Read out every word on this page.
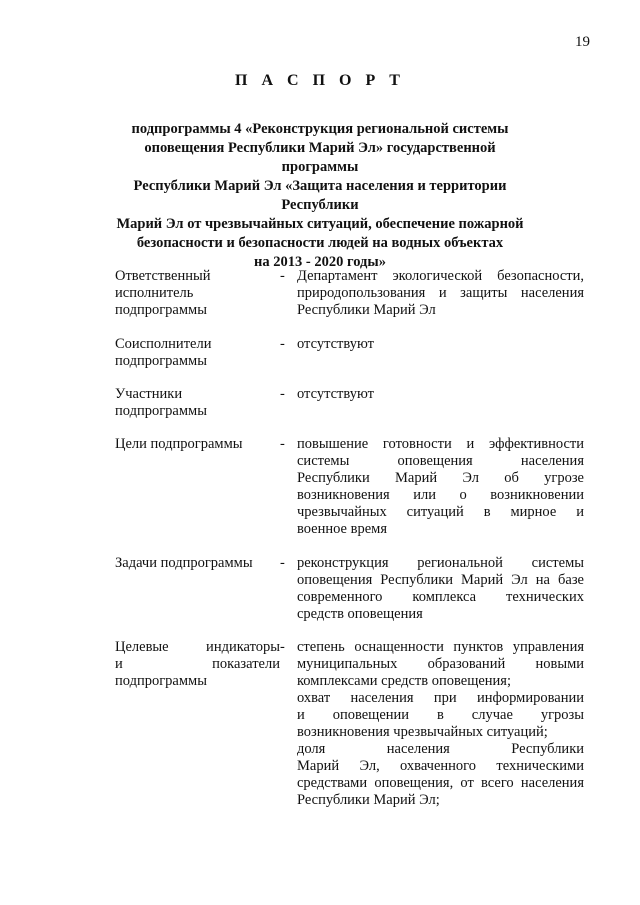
19
П А С П О Р Т
подпрограммы 4 «Реконструкция региональной системы
оповещения Республики Марий Эл» государственной программы
Республики Марий Эл «Защита населения и территории Республики
Марий Эл от чрезвычайных ситуаций, обеспечение пожарной
безопасности и безопасности людей на водных объектах
на 2013 - 2020 годы»
Ответственный
исполнитель
подпрограммы
- Департамент экологической безопасности,
природопользования и защиты населения
Республики Марий Эл
Соисполнители
подпрограммы
- отсутствуют
Участники
подпрограммы
- отсутствуют
Цели подпрограммы	- повышение готовности и эффективности
системы оповещения населения
Республики Марий Эл об угрозе
возникновения или о возникновении
чрезвычайных ситуаций в мирное и
военное время
Задачи подпрограммы	- реконструкция региональной системы
оповещения Республики Марий Эл на базе
современного комплекса технических
средств оповещения
Целевые индикаторы
и показатели
подпрограммы
- степень оснащенности пунктов управления
муниципальных образований новыми
комплексами средств оповещения;
охват населения при информировании
и оповещении в случае угрозы
возникновения чрезвычайных ситуаций;
доля населения Республики
Марий Эл, охваченного техническими
средствами оповещения, от всего населения
Республики Марий Эл;
